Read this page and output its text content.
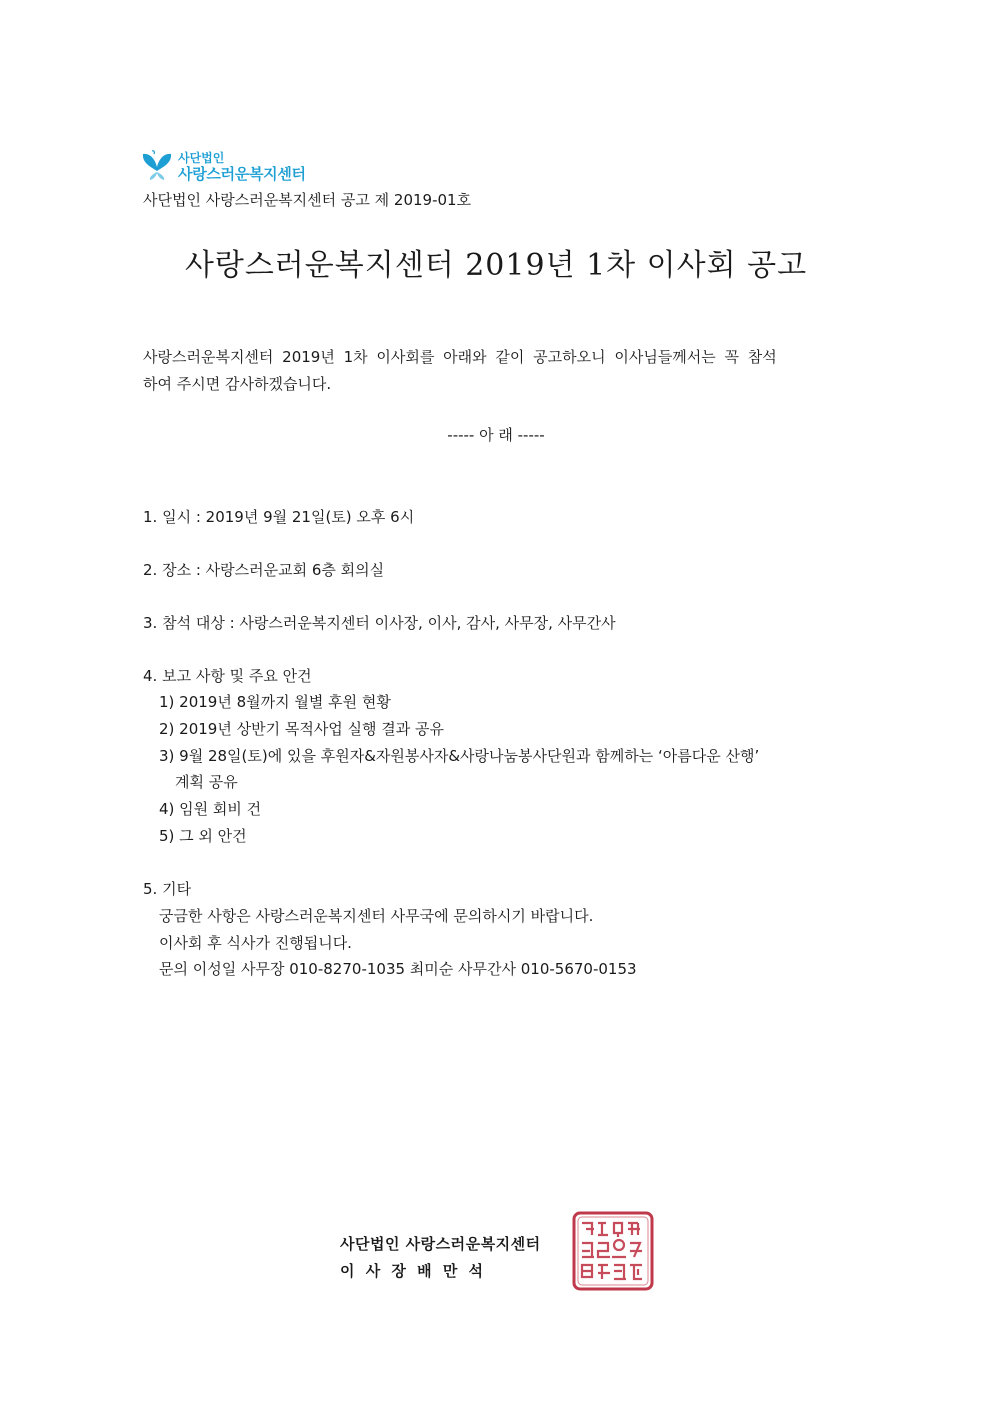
사단법인
사랑스러운복지센터
사단법인 사랑스러운복지센터 공고 제 2019-01호
사랑스러운복지센터 2019년 1차 이사회 공고
사랑스러운복지센터 2019년 1차 이사회를 아래와 같이 공고하오니 이사님들께서는 꼭 참석
하여 주시면 감사하겠습니다.
----- 아 래 -----
1. 일시 : 2019년 9월 21일(토) 오후 6시
2. 장소 : 사랑스러운교회 6층 회의실
3. 참석 대상 : 사랑스러운복지센터 이사장, 이사, 감사, 사무장, 사무간사
4. 보고 사항 및 주요 안건
1) 2019년 8월까지 월별 후원 현황
2) 2019년 상반기 목적사업 실행 결과 공유
3) 9월 28일(토)에 있을 후원자&자원봉사자&사랑나눔봉사단원과 함께하는 ‘아름다운 산행’
계획 공유
4) 임원 회비 건
5) 그 외 안건
5. 기타
궁금한 사항은 사랑스러운복지센터 사무국에 문의하시기 바랍니다.
이사회 후 식사가 진행됩니다.
문의 이성일 사무장 010-8270-1035 최미순 사무간사 010-5670-0153
사단법인 사랑스러운복지센터
이 사 장 배 만 석
